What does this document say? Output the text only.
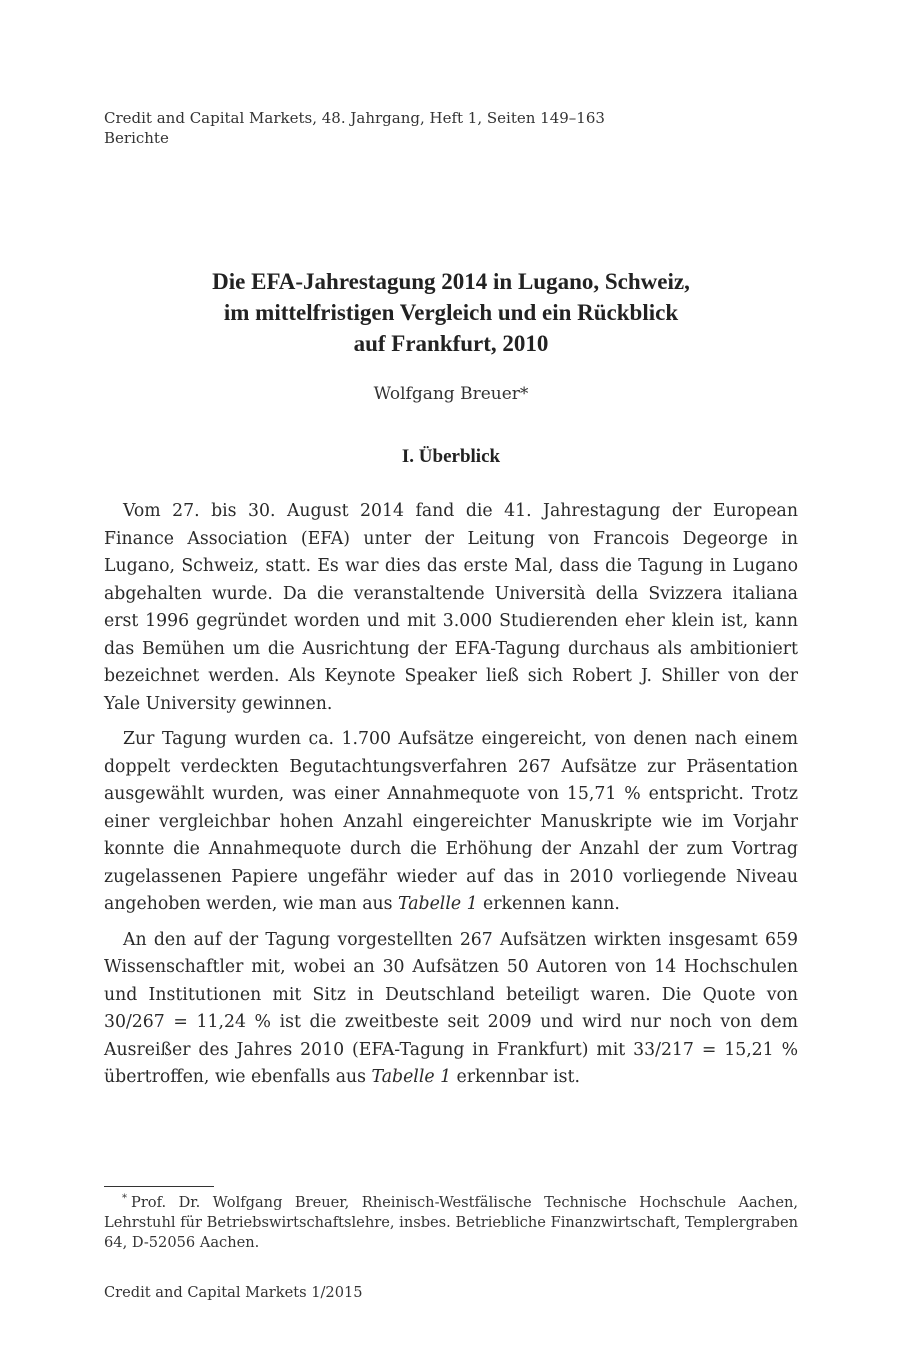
Credit and Capital Markets, 48. Jahrgang, Heft 1, Seiten 149–163
Berichte
Die EFA-Jahrestagung 2014 in Lugano, Schweiz,
im mittelfristigen Vergleich und ein Rückblick
auf Frankfurt, 2010
Wolfgang Breuer*
I. Überblick

Vom 27. bis 30. August 2014 fand die 41. Jahrestagung der European Finance Association (EFA) unter der Leitung von Francois Degeorge in Lugano, Schweiz, statt. Es war dies das erste Mal, dass die Tagung in Lugano abgehalten wurde. Da die veranstaltende Università della Svizzera italiana erst 1996 gegründet worden und mit 3.000 Studierenden eher klein ist, kann das Bemühen um die Ausrichtung der EFA-Tagung durchaus als ambitioniert bezeichnet werden. Als Keynote Speaker ließ sich Robert J. Shiller von der Yale University gewinnen.

Zur Tagung wurden ca. 1.700 Aufsätze eingereicht, von denen nach einem doppelt verdeckten Begutachtungsverfahren 267 Aufsätze zur Präsentation ausgewählt wurden, was einer Annahmequote von 15,71 % entspricht. Trotz einer vergleichbar hohen Anzahl eingereichter Manuskripte wie im Vorjahr konnte die Annahmequote durch die Erhöhung der Anzahl der zum Vortrag zugelassenen Papiere ungefähr wieder auf das in 2010 vorliegende Niveau angehoben werden, wie man aus Tabelle 1 erkennen kann.

An den auf der Tagung vorgestellten 267 Aufsätzen wirkten insgesamt 659 Wissenschaftler mit, wobei an 30 Aufsätzen 50 Autoren von 14 Hochschulen und Institutionen mit Sitz in Deutschland beteiligt waren. Die Quote von 30/267 = 11,24 % ist die zweitbeste seit 2009 und wird nur noch von dem Ausreißer des Jahres 2010 (EFA-Tagung in Frankfurt) mit 33/217 = 15,21 % übertroffen, wie ebenfalls aus Tabelle 1 erkennbar ist.

* Prof. Dr. Wolfgang Breuer, Rheinisch-Westfälische Technische Hochschule Aachen, Lehrstuhl für Betriebswirtschaftslehre, insbes. Betriebliche Finanzwirtschaft, Templergraben 64, D-52056 Aachen.
Credit and Capital Markets 1/2015
